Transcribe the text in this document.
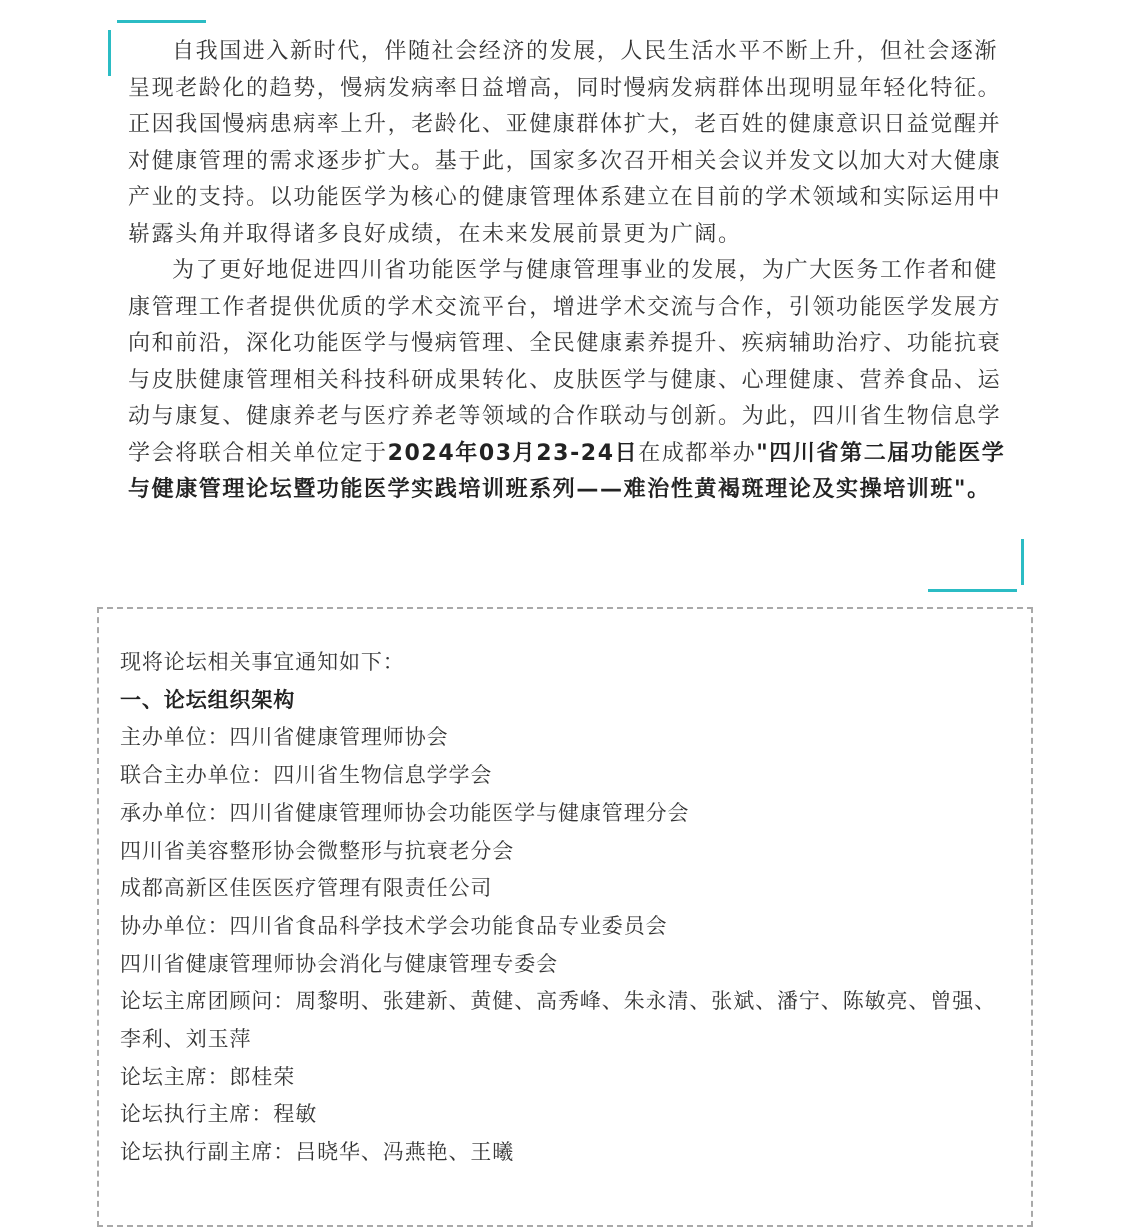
自我国进入新时代，伴随社会经济的发展，人民生活水平不断上升，但社会逐渐呈现老龄化的趋势，慢病发病率日益增高，同时慢病发病群体出现明显年轻化特征。正因我国慢病患病率上升，老龄化、亚健康群体扩大，老百姓的健康意识日益觉醒并对健康管理的需求逐步扩大。基于此，国家多次召开相关会议并发文以加大对大健康产业的支持。以功能医学为核心的健康管理体系建立在目前的学术领域和实际运用中崭露头角并取得诸多良好成绩，在未来发展前景更为广阔。

为了更好地促进四川省功能医学与健康管理事业的发展，为广大医务工作者和健康管理工作者提供优质的学术交流平台，增进学术交流与合作，引领功能医学发展方向和前沿，深化功能医学与慢病管理、全民健康素养提升、疾病辅助治疗、功能抗衰与皮肤健康管理相关科技科研成果转化、皮肤医学与健康、心理健康、营养食品、运动与康复、健康养老与医疗养老等领域的合作联动与创新。为此，四川省生物信息学学会将联合相关单位定于2024年03月23-24日在成都举办"四川省第二届功能医学与健康管理论坛暨功能医学实践培训班系列——难治性黄褐斑理论及实操培训班"。

现将论坛相关事宜通知如下：
一、论坛组织架构
主办单位：四川省健康管理师协会
联合主办单位：四川省生物信息学学会
承办单位：四川省健康管理师协会功能医学与健康管理分会
四川省美容整形协会微整形与抗衰老分会
成都高新区佳医医疗管理有限责任公司
协办单位：四川省食品科学技术学会功能食品专业委员会
四川省健康管理师协会消化与健康管理专委会
论坛主席团顾问：周黎明、张建新、黄健、高秀峰、朱永清、张斌、潘宁、陈敏亮、曾强、李利、刘玉萍
论坛主席：郎桂荣
论坛执行主席：程敏
论坛执行副主席：吕晓华、冯燕艳、王曦
